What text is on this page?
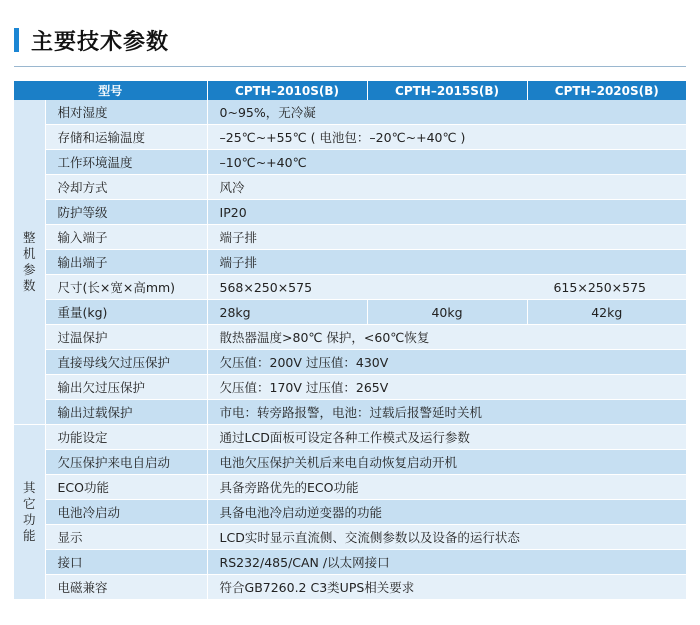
主要技术参数
型号		CPTH–2010S(B)	CPTH–2015S(B)	CPTH–2020S(B)

整
机
参
数	相对湿度	0~95%，无冷凝		
	存储和运输温度	–25℃~+55℃ ( 电池包：–20℃~+40℃ )		
	工作环境温度	–10℃~+40℃		
	冷却方式	风冷		
	防护等级	IP20		
	输入端子	端子排		
	输出端子	端子排		
	尺寸(长×宽×高mm)	568×250×575		615×250×575
	重量(kg)	28kg	40kg	42kg
	过温保护	散热器温度>80℃ 保护，<60℃恢复		
	直接母线欠过压保护	欠压值：200V 过压值：430V		
	输出欠过压保护	欠压值：170V 过压值：265V		
	输出过载保护	市电：转旁路报警，电池：过载后报警延时关机		

其
它
功
能	功能设定	通过LCD面板可设定各种工作模式及运行参数		
	欠压保护来电自启动	电池欠压保护关机后来电自动恢复启动开机		
	ECO功能	具备旁路优先的ECO功能		
	电池冷启动	具备电池冷启动逆变器的功能		
	显示	LCD实时显示直流侧、交流侧参数以及设备的运行状态		
	接口	RS232/485/CAN /以太网接口		
	电磁兼容	符合GB7260.2 C3类UPS相关要求		
